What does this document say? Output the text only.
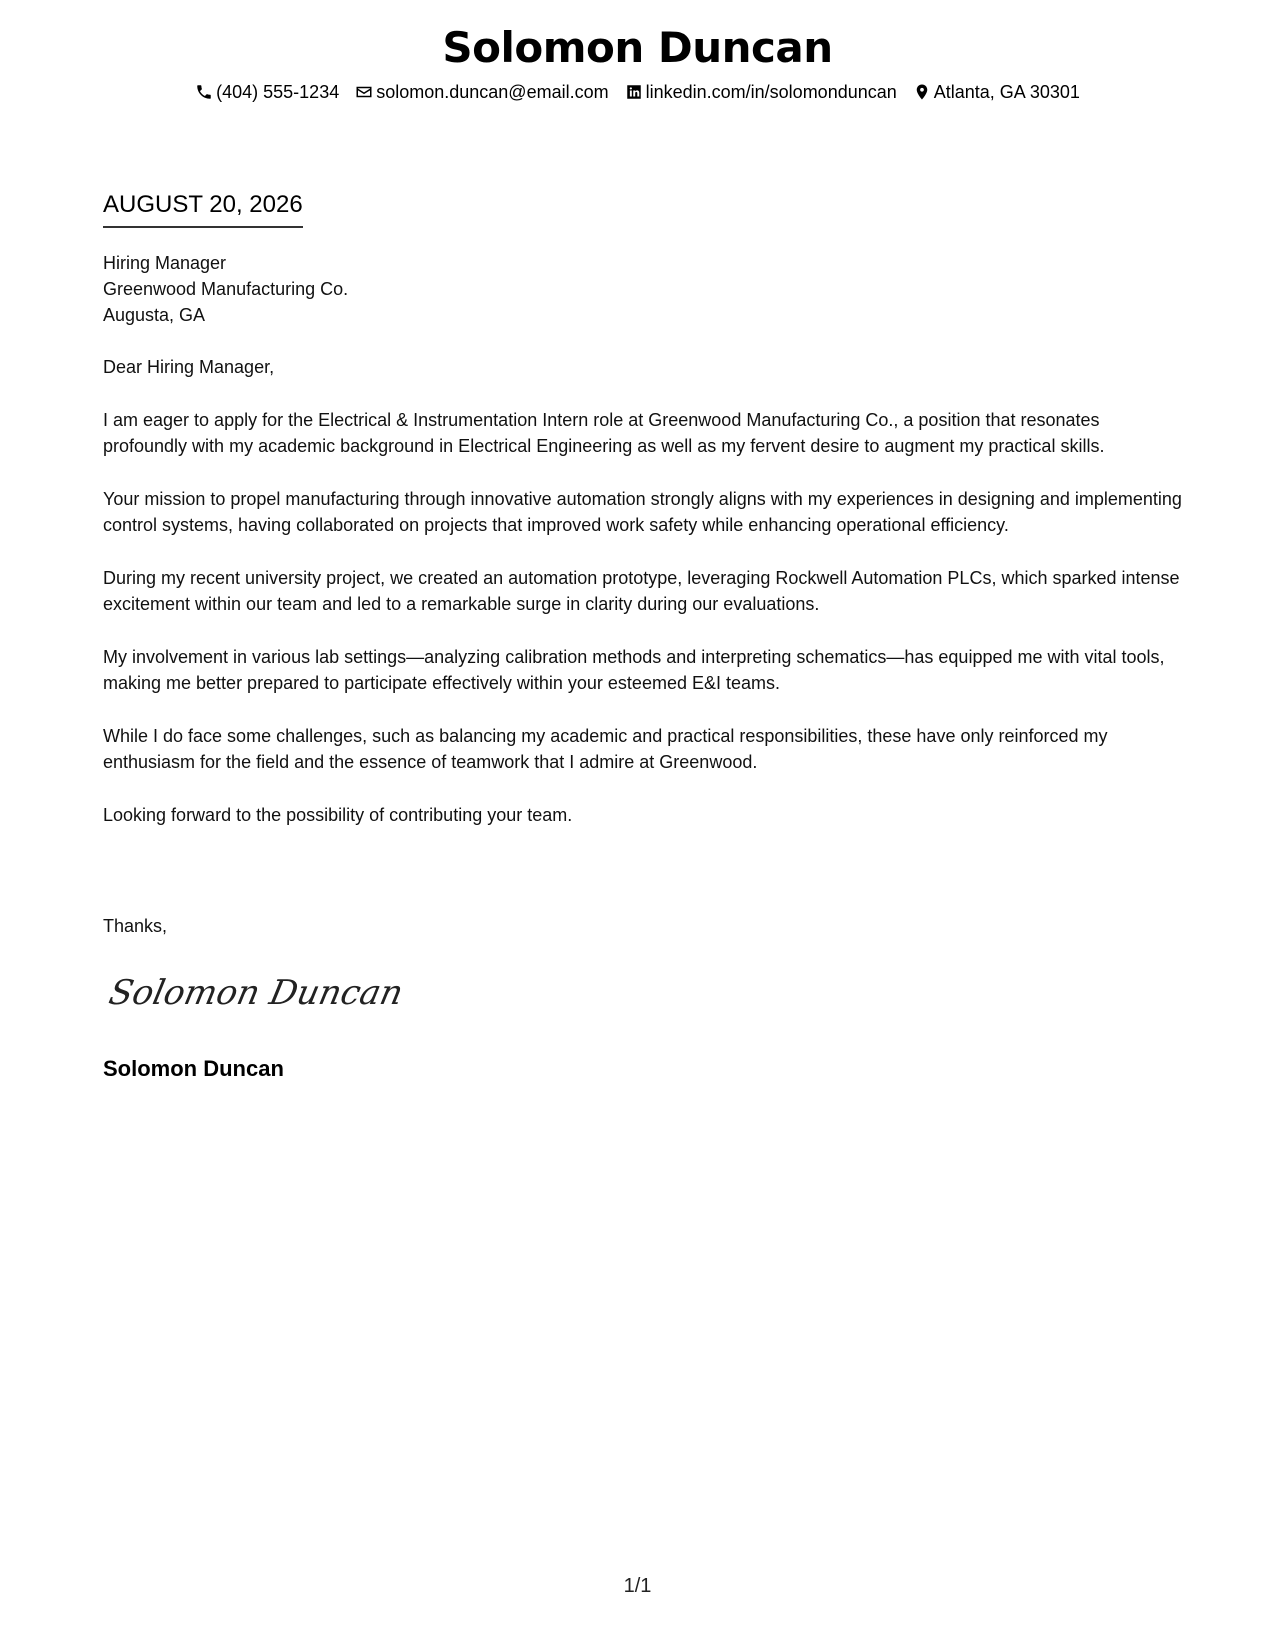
Solomon Duncan
(404) 555-1234 solomon.duncan@email.com linkedin.com/in/solomonduncan Atlanta, GA 30301
AUGUST 20, 2026
Hiring Manager
Greenwood Manufacturing Co.
Augusta, GA
Dear Hiring Manager,

I am eager to apply for the Electrical & Instrumentation Intern role at Greenwood Manufacturing Co., a position that resonates profoundly with my academic background in Electrical Engineering as well as my fervent desire to augment my practical skills.

Your mission to propel manufacturing through innovative automation strongly aligns with my experiences in designing and implementing control systems, having collaborated on projects that improved work safety while enhancing operational efficiency.

During my recent university project, we created an automation prototype, leveraging Rockwell Automation PLCs, which sparked intense excitement within our team and led to a remarkable surge in clarity during our evaluations.

My involvement in various lab settings—analyzing calibration methods and interpreting schematics—has equipped me with vital tools, making me better prepared to participate effectively within your esteemed E&I teams.

While I do face some challenges, such as balancing my academic and practical responsibilities, these have only reinforced my enthusiasm for the field and the essence of teamwork that I admire at Greenwood.

Looking forward to the possibility of contributing your team.

Thanks,
Solomon Duncan
Solomon Duncan
1/1
